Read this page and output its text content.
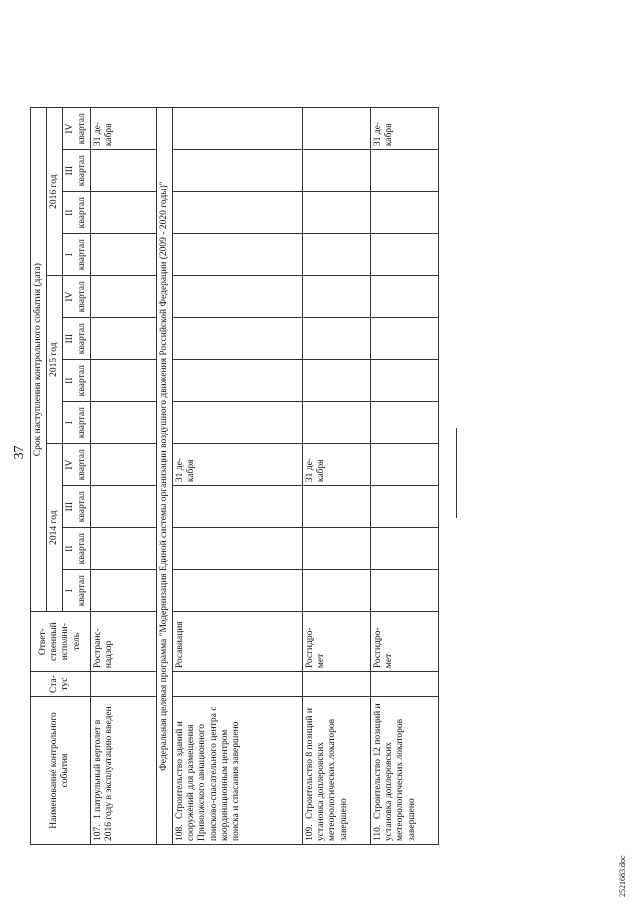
37
Наименование контрольного события	Ста- тус	Ответ- ственный исполни- тель	Срок наступления контрольного события (дата)											
			2014 год				2015 год				2016 год			
			I квартал	II квартал	III квартал	IV квартал	I квартал	II квартал	III квартал	IV квартал	I квартал	II квартал	III квартал	IV квартал
107.1 патрульный вертолет в 2016 году в эксплуатацию введен		Ространс- надзор												31 де- кабря
Федеральная целевая программа "Модернизация Единой системы организации воздушного движения Российской Федерации (2009 - 2020 годы)"														
108.Строительство зданий и сооружений для размещения Приволжского авиационного поисково-спасательного центра с координационным центром поиска и спасания завершено		Росавиация				31 де- кабря								
109.Строительство 8 позиций и установка доплеровских метеорологических локаторов завершено		Росгидро- мет				31 де- кабря								
110.Строительство 12 позиций и установка доплеровских метеорологических локаторов завершено		Росгидро- мет												31 де- кабря
2521683.doc
